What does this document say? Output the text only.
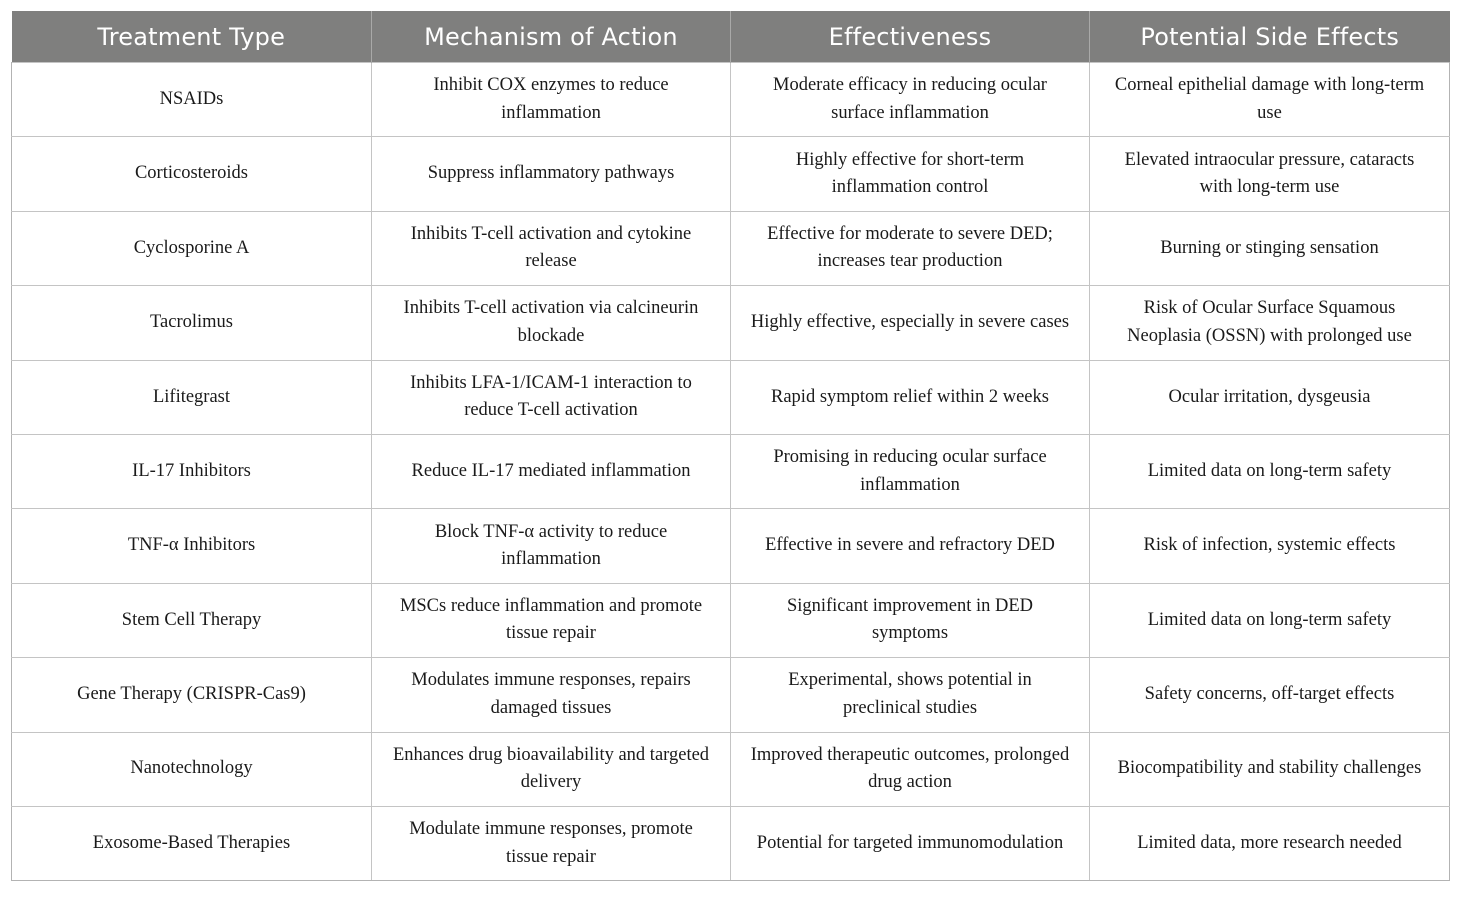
Treatment Type	Mechanism of Action	Effectiveness	Potential Side Effects
NSAIDs	Inhibit COX enzymes to reduce inflammation	Moderate efficacy in reducing ocular surface inflammation	Corneal epithelial damage with long-term use
Corticosteroids	Suppress inflammatory pathways	Highly effective for short-term inflammation control	Elevated intraocular pressure, cataracts with long-term use
Cyclosporine A	Inhibits T-cell activation and cytokine release	Effective for moderate to severe DED; increases tear production	Burning or stinging sensation
Tacrolimus	Inhibits T-cell activation via calcineurin blockade	Highly effective, especially in severe cases	Risk of Ocular Surface Squamous Neoplasia (OSSN) with prolonged use
Lifitegrast	Inhibits LFA-1/ICAM-1 interaction to reduce T-cell activation	Rapid symptom relief within 2 weeks	Ocular irritation, dysgeusia
IL-17 Inhibitors	Reduce IL-17 mediated inflammation	Promising in reducing ocular surface inflammation	Limited data on long-term safety
TNF-α Inhibitors	Block TNF-α activity to reduce inflammation	Effective in severe and refractory DED	Risk of infection, systemic effects
Stem Cell Therapy	MSCs reduce inflammation and promote tissue repair	Significant improvement in DED symptoms	Limited data on long-term safety
Gene Therapy (CRISPR-Cas9)	Modulates immune responses, repairs damaged tissues	Experimental, shows potential in preclinical studies	Safety concerns, off-target effects
Nanotechnology	Enhances drug bioavailability and targeted delivery	Improved therapeutic outcomes, prolonged drug action	Biocompatibility and stability challenges
Exosome-Based Therapies	Modulate immune responses, promote tissue repair	Potential for targeted immunomodulation	Limited data, more research needed
